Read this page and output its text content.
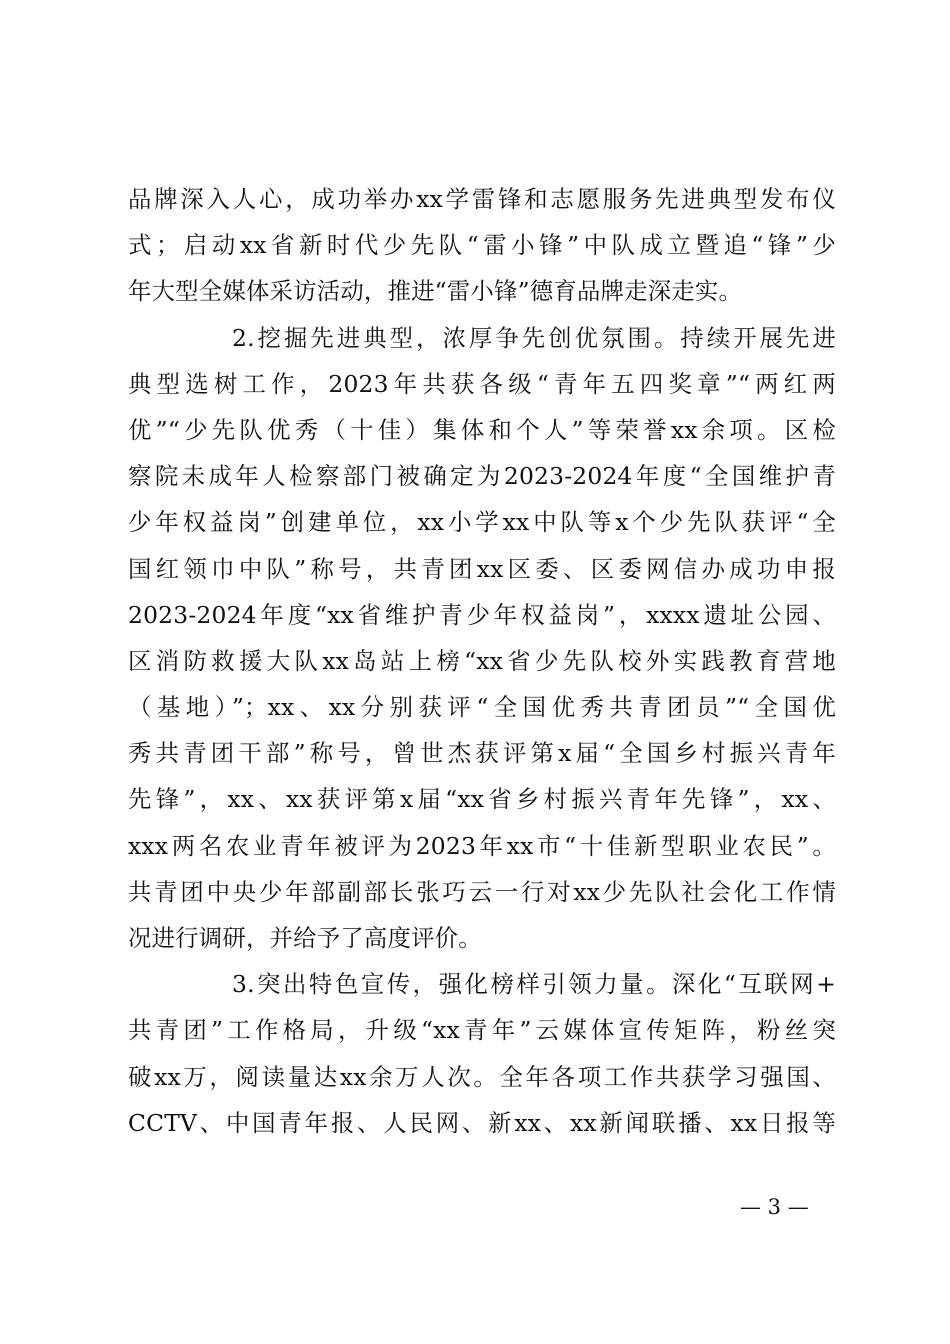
品牌深入人心，成功举办xx学雷锋和志愿服务先进典型发布仪
式；启动xx省新时代少先队“雷小锋”中队成立暨追“锋”少
年大型全媒体采访活动，推进“雷小锋”德育品牌走深走实。
2.挖掘先进典型，浓厚争先创优氛围。持续开展先进
典型选树工作，2023年共获各级“青年五四奖章”“两红两
优”“少先队优秀（十佳）集体和个人”等荣誉xx余项。区检
察院未成年人检察部门被确定为2023-2024年度“全国维护青
少年权益岗”创建单位，xx小学xx中队等x个少先队获评“全
国红领巾中队”称号，共青团xx区委、区委网信办成功申报
2023-2024年度“xx省维护青少年权益岗”，xxxx遗址公园、
区消防救援大队xx岛站上榜“xx省少先队校外实践教育营地
（基地）”；xx、xx分别获评“全国优秀共青团员”“全国优
秀共青团干部”称号，曾世杰获评第x届“全国乡村振兴青年
先锋”，xx、xx获评第x届“xx省乡村振兴青年先锋”，xx、
xxx两名农业青年被评为2023年xx市“十佳新型职业农民”。
共青团中央少年部副部长张巧云一行对xx少先队社会化工作情
况进行调研，并给予了高度评价。
3.突出特色宣传，强化榜样引领力量。深化“互联网+
共青团”工作格局，升级“xx青年”云媒体宣传矩阵，粉丝突
破xx万，阅读量达xx余万人次。全年各项工作共获学习强国、
CCTV、中国青年报、人民网、新xx、xx新闻联播、xx日报等
— 3 —
